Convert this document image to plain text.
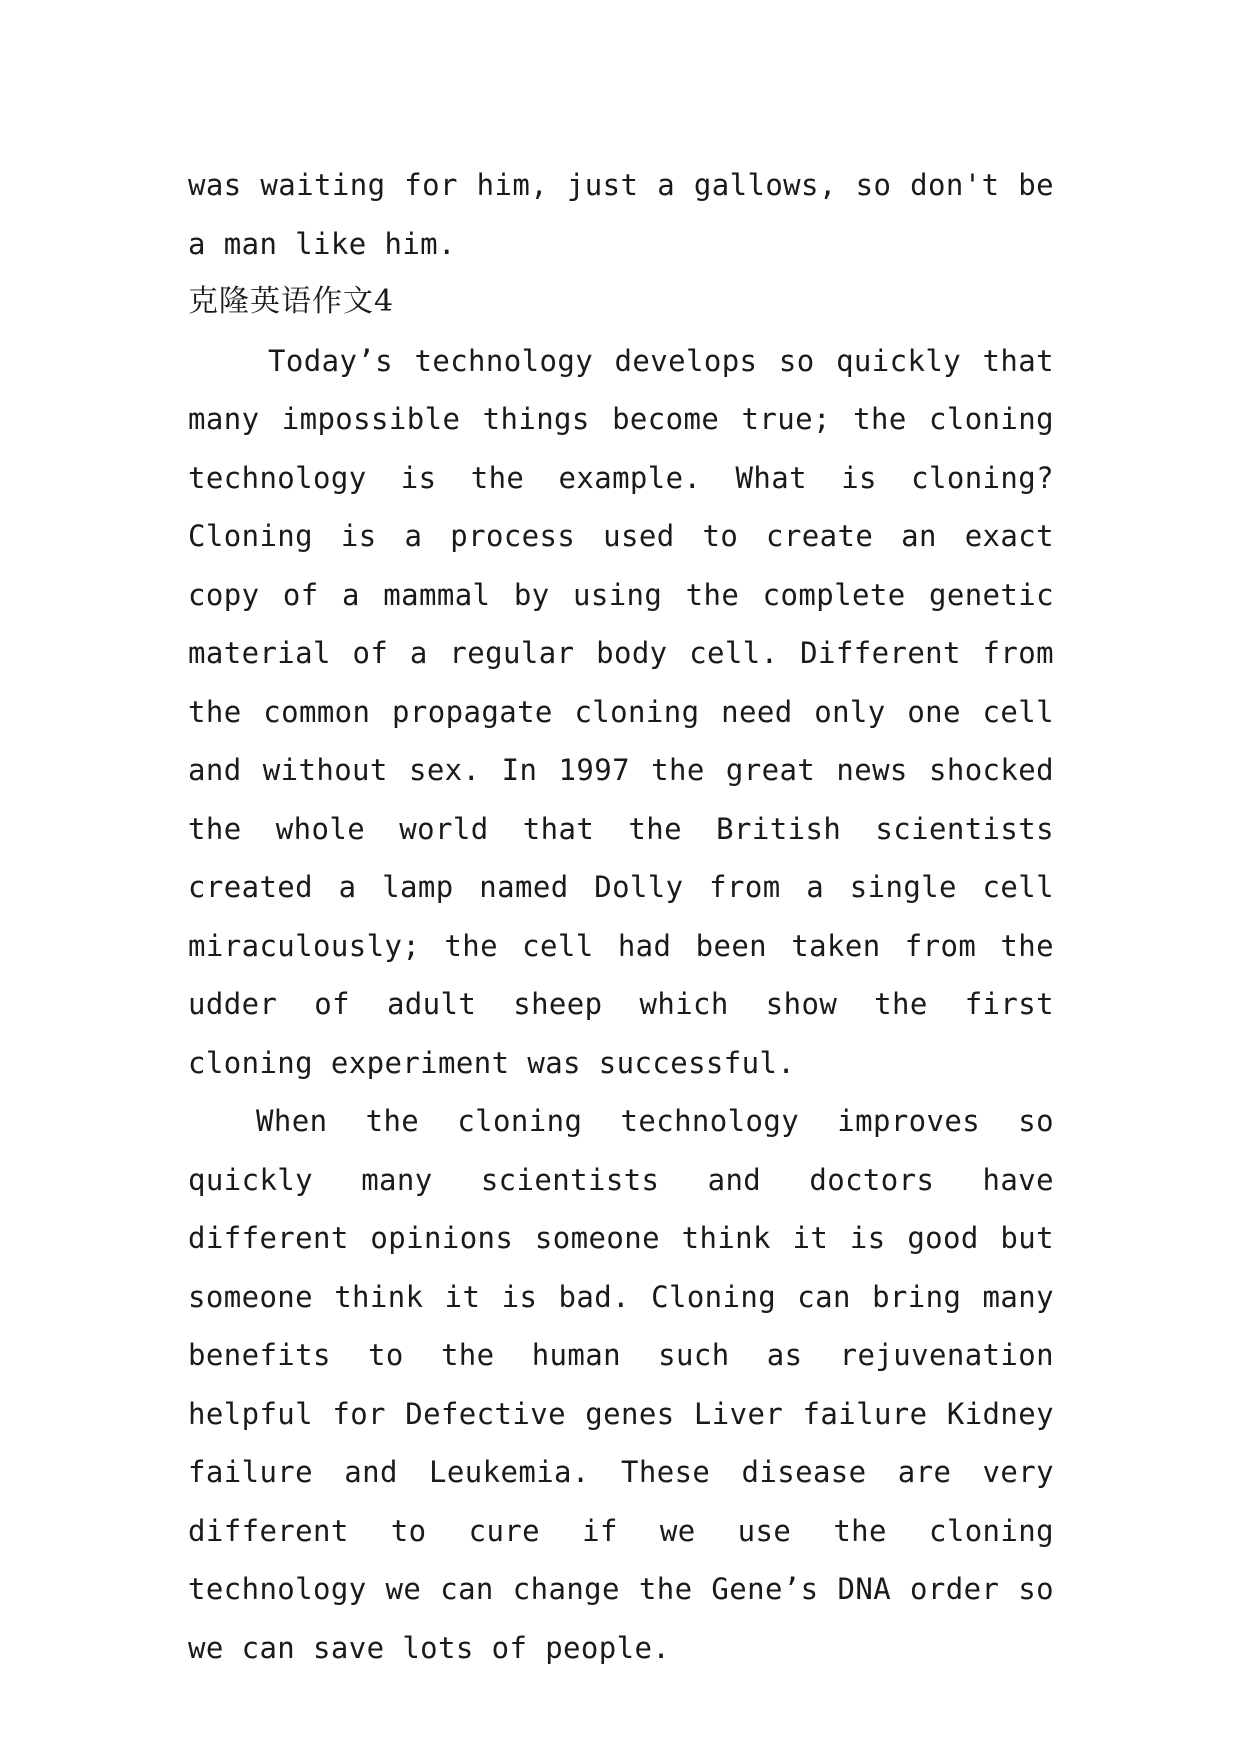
was waiting for him, just a gallows, so don't be a man like him.

克隆英语作文4

Today’s technology develops so quickly that many impossible things become true; the cloning technology is the example. What is cloning? Cloning is a process used to create an exact copy of a mammal by using the complete genetic material of a regular body cell. Different from the common propagate cloning need only one cell and without sex. In 1997 the great news shocked the whole world that the British scientists created a lamp named Dolly from a single cell miraculously; the cell had been taken from the udder of adult sheep which show the first cloning experiment was successful.

When the cloning technology improves so quickly many scientists and doctors have different opinions someone think it is good but someone think it is bad. Cloning can bring many benefits to the human such as rejuvenation helpful for Defective genes Liver failure Kidney failure and Leukemia. These disease are very different to cure if we use the cloning technology we can change the Gene’s DNA order so we can save lots of people.
